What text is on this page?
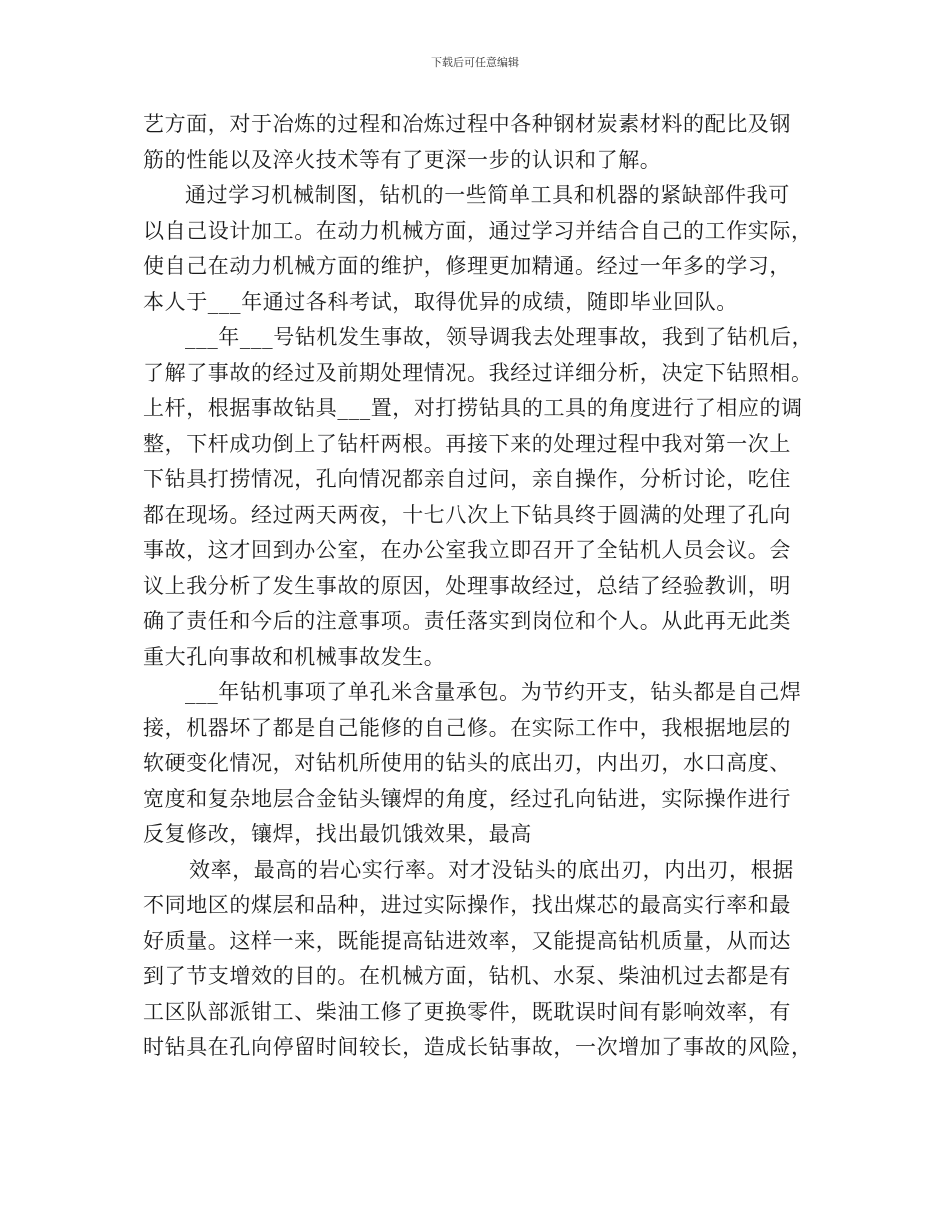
下载后可任意编辑
艺方面，对于冶炼的过程和冶炼过程中各种钢材炭素材料的配比及钢
筋的性能以及淬火技术等有了更深一步的认识和了解。
通过学习机械制图，钻机的一些简单工具和机器的紧缺部件我可
以自己设计加工。在动力机械方面，通过学习并结合自己的工作实际，
使自己在动力机械方面的维护，修理更加精通。经过一年多的学习，
本人于___年通过各科考试，取得优异的成绩，随即毕业回队。
___年___号钻机发生事故，领导调我去处理事故，我到了钻机后，
了解了事故的经过及前期处理情况。我经过详细分析，决定下钻照相。
上杆，根据事故钻具___置，对打捞钻具的工具的角度进行了相应的调
整，下杆成功倒上了钻杆两根。再接下来的处理过程中我对第一次上
下钻具打捞情况，孔向情况都亲自过问，亲自操作，分析讨论，吃住
都在现场。经过两天两夜，十七八次上下钻具终于圆满的处理了孔向
事故，这才回到办公室，在办公室我立即召开了全钻机人员会议。会
议上我分析了发生事故的原因，处理事故经过，总结了经验教训，明
确了责任和今后的注意事项。责任落实到岗位和个人。从此再无此类
重大孔向事故和机械事故发生。
___年钻机事项了单孔米含量承包。为节约开支，钻头都是自己焊
接，机器坏了都是自己能修的自己修。在实际工作中，我根据地层的
软硬变化情况，对钻机所使用的钻头的底出刃，内出刃，水口高度、
宽度和复杂地层合金钻头镶焊的角度，经过孔向钻进，实际操作进行
反复修改，镶焊，找出最饥饿效果，最高
效率，最高的岩心实行率。对才没钻头的底出刃，内出刃，根据
不同地区的煤层和品种，进过实际操作，找出煤芯的最高实行率和最
好质量。这样一来，既能提高钻进效率，又能提高钻机质量，从而达
到了节支增效的目的。在机械方面，钻机、水泵、柴油机过去都是有
工区队部派钳工、柴油工修了更换零件，既耽误时间有影响效率，有
时钻具在孔向停留时间较长，造成长钻事故，一次增加了事故的风险，
